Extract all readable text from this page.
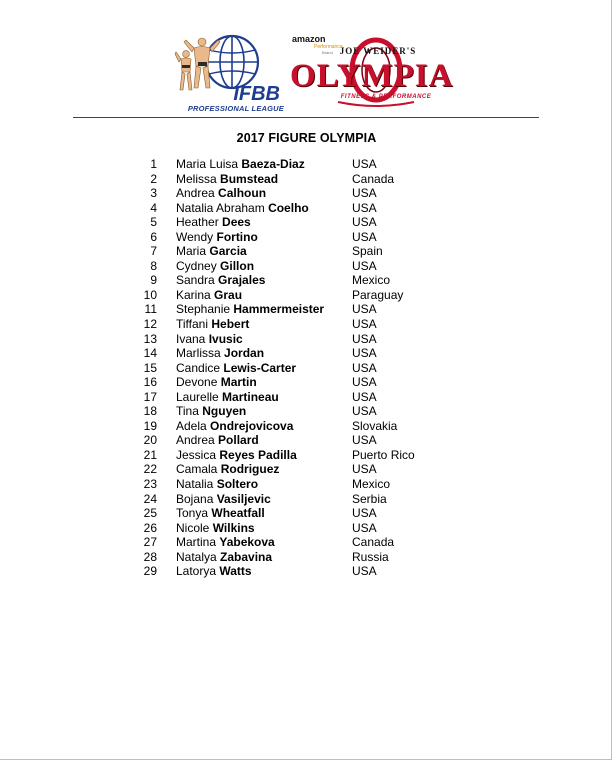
IFBB
PROFESSIONAL LEAGUE
amazon
Performance
Brand JOE WEIDER'S
OLYMPIA
FITNESS & PERFORMANCE
2017 FIGURE OLYMPIA
1 Maria Luisa Baeza-Diaz	USA
2 Melissa Bumstead	Canada
3 Andrea Calhoun	USA
4 Natalia Abraham Coelho	USA
5 Heather Dees	USA
6 Wendy Fortino	USA
7 Maria Garcia	Spain
8 Cydney Gillon	USA
9 Sandra Grajales	Mexico
10 Karina Grau	Paraguay
11 Stephanie Hammermeister USA
12 Tiffani Hebert	USA
13 Ivana Ivusic	USA
14 Marlissa Jordan	USA
15 Candice Lewis-Carter	USA
16 Devone Martin	USA
17 Laurelle Martineau	USA
18 Tina Nguyen	USA
19 Adela Ondrejovicova	Slovakia
20 Andrea Pollard	USA
21 Jessica Reyes Padilla	Puerto Rico
22 Camala Rodriguez	USA
23 Natalia Soltero	Mexico
24 Bojana Vasiljevic	Serbia
25 Tonya Wheatfall	USA
26 Nicole Wilkins	USA
27 Martina Yabekova	Canada
28 Natalya Zabavina	Russia
29 Latorya Watts	USA
